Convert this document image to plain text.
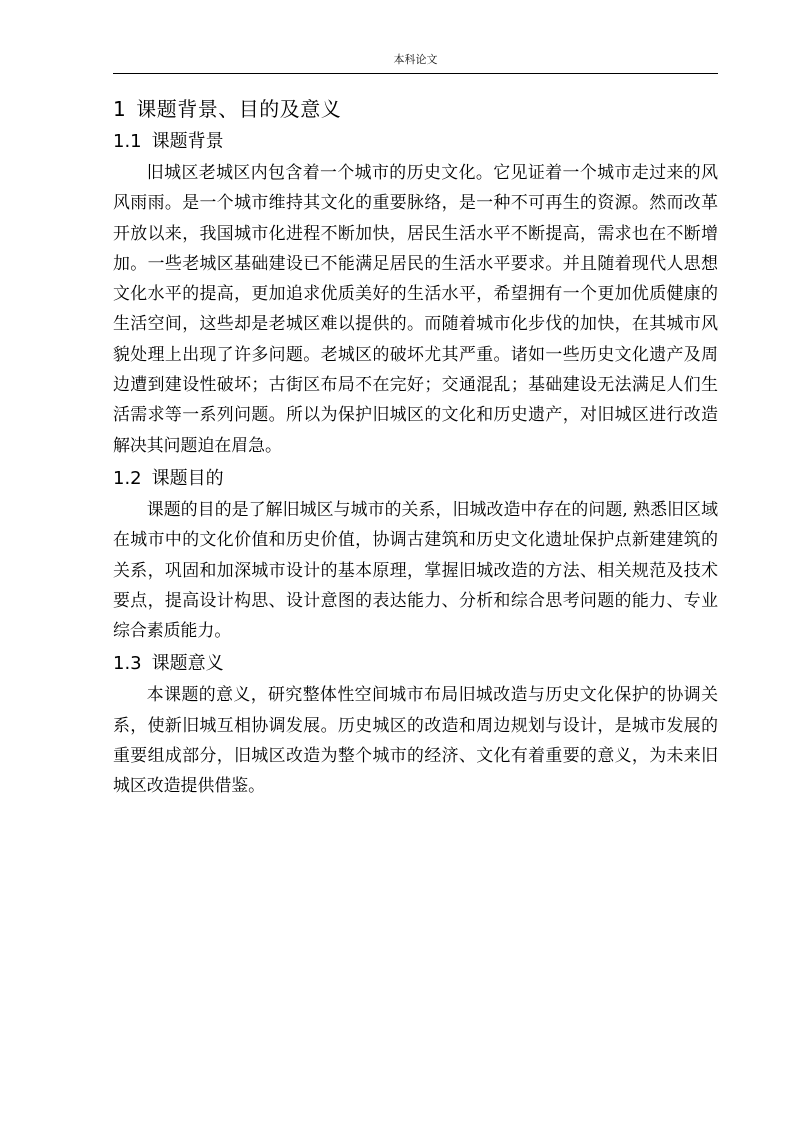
本科论文
1 课题背景、目的及意义
1.1 课题背景

旧城区老城区内包含着一个城市的历史文化。它见证着一个城市走过来的风风雨雨。是一个城市维持其文化的重要脉络，是一种不可再生的资源。然而改革开放以来，我国城市化进程不断加快，居民生活水平不断提高，需求也在不断增加。一些老城区基础建设已不能满足居民的生活水平要求。并且随着现代人思想文化水平的提高，更加追求优质美好的生活水平，希望拥有一个更加优质健康的生活空间，这些却是老城区难以提供的。而随着城市化步伐的加快，在其城市风貌处理上出现了许多问题。老城区的破坏尤其严重。诸如一些历史文化遗产及周边遭到建设性破坏；古街区布局不在完好；交通混乱；基础建设无法满足人们生活需求等一系列问题。所以为保护旧城区的文化和历史遗产，对旧城区进行改造解决其问题迫在眉急。

1.2 课题目的

课题的目的是了解旧城区与城市的关系，旧城改造中存在的问题, 熟悉旧区域在城市中的文化价值和历史价值，协调古建筑和历史文化遗址保护点新建建筑的关系，巩固和加深城市设计的基本原理，掌握旧城改造的方法、相关规范及技术要点，提高设计构思、设计意图的表达能力、分析和综合思考问题的能力、专业综合素质能力。

1.3 课题意义

本课题的意义，研究整体性空间城市布局旧城改造与历史文化保护的协调关系，使新旧城互相协调发展。历史城区的改造和周边规划与设计，是城市发展的重要组成部分，旧城区改造为整个城市的经济、文化有着重要的意义，为未来旧城区改造提供借鉴。
